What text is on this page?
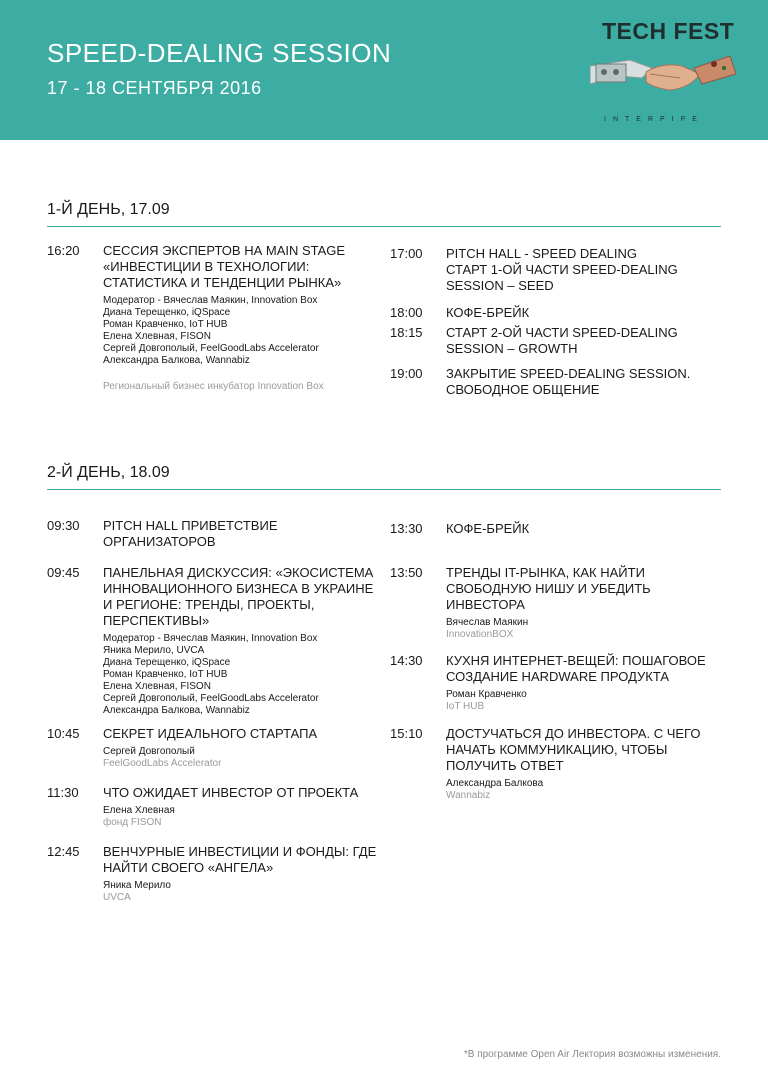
SPEED-DEALING SESSION
17 - 18 СЕНТЯБРЯ 2016
TECH FEST
INTERPIPE
1-Й ДЕНЬ, 17.09
16:20 СЕССИЯ ЭКСПЕРТОВ НА MAIN STAGE «ИНВЕСТИЦИИ В ТЕХНОЛОГИИ: СТАТИСТИКА И ТЕНДЕНЦИИ РЫНКА»
Модератор - Вячеслав Маякин, Innovation Box
Диана Терещенко, iQSpace
Роман Кравченко, IoT HUB
Елена Хлевная, FISON
Сергей Довгополый, FeelGoodLabs Accelerator
Александра Балкова, Wannabiz
Региональный бизнес инкубатор Innovation Box
17:00 PITCH HALL - SPEED DEALING СТАРТ 1-ОЙ ЧАСТИ SPEED-DEALING SESSION – SEED
18:00 КОФЕ-БРЕЙК
18:15 СТАРТ 2-ОЙ ЧАСТИ SPEED-DEALING SESSION – GROWTH
19:00 ЗАКРЫТИЕ SPEED-DEALING SESSION. СВОБОДНОЕ ОБЩЕНИЕ
2-Й ДЕНЬ, 18.09
09:30 PITCH HALL ПРИВЕТСТВИЕ ОРГАНИЗАТОРОВ
09:45 ПАНЕЛЬНАЯ ДИСКУССИЯ: «ЭКОСИСТЕМА ИННОВАЦИОННОГО БИЗНЕСА В УКРАИНЕ И РЕГИОНЕ: ТРЕНДЫ, ПРОЕКТЫ, ПЕРСПЕКТИВЫ»
Модератор - Вячеслав Маякин, Innovation Box
Яника Мерило, UVCA
Диана Терещенко, iQSpace
Роман Кравченко, IoT HUB
Елена Хлевная, FISON
Сергей Довгополый, FeelGoodLabs Accelerator
Александра Балкова, Wannabiz
10:45 СЕКРЕТ ИДЕАЛЬНОГО СТАРТАПА
Сергей Довгополый
FeelGoodLabs Accelerator
11:30 ЧТО ОЖИДАЕТ ИНВЕСТОР ОТ ПРОЕКТА
Елена Хлевная
фонд FISON
12:45 ВЕНЧУРНЫЕ ИНВЕСТИЦИИ И ФОНДЫ: ГДЕ НАЙТИ СВОЕГО «АНГЕЛА»
Яника Мерило
UVCA
13:30 КОФЕ-БРЕЙК
13:50 ТРЕНДЫ IT-РЫНКА, КАК НАЙТИ СВОБОДНУЮ НИШУ И УБЕДИТЬ ИНВЕСТОРА
Вячеслав Маякин
InnovationBOX
14:30 КУХНЯ ИНТЕРНЕТ-ВЕЩЕЙ: ПОШАГОВОЕ СОЗДАНИЕ HARDWARE ПРОДУКТА
Роман Кравченко
IoT HUB
15:10 ДОСТУЧАТЬСЯ ДО ИНВЕСТОРА. С ЧЕГО НАЧАТЬ КОММУНИКАЦИЮ, ЧТОБЫ ПОЛУЧИТЬ ОТВЕТ
Александра Балкова
Wannabiz
*В программе Open Air Лектория возможны изменения.
